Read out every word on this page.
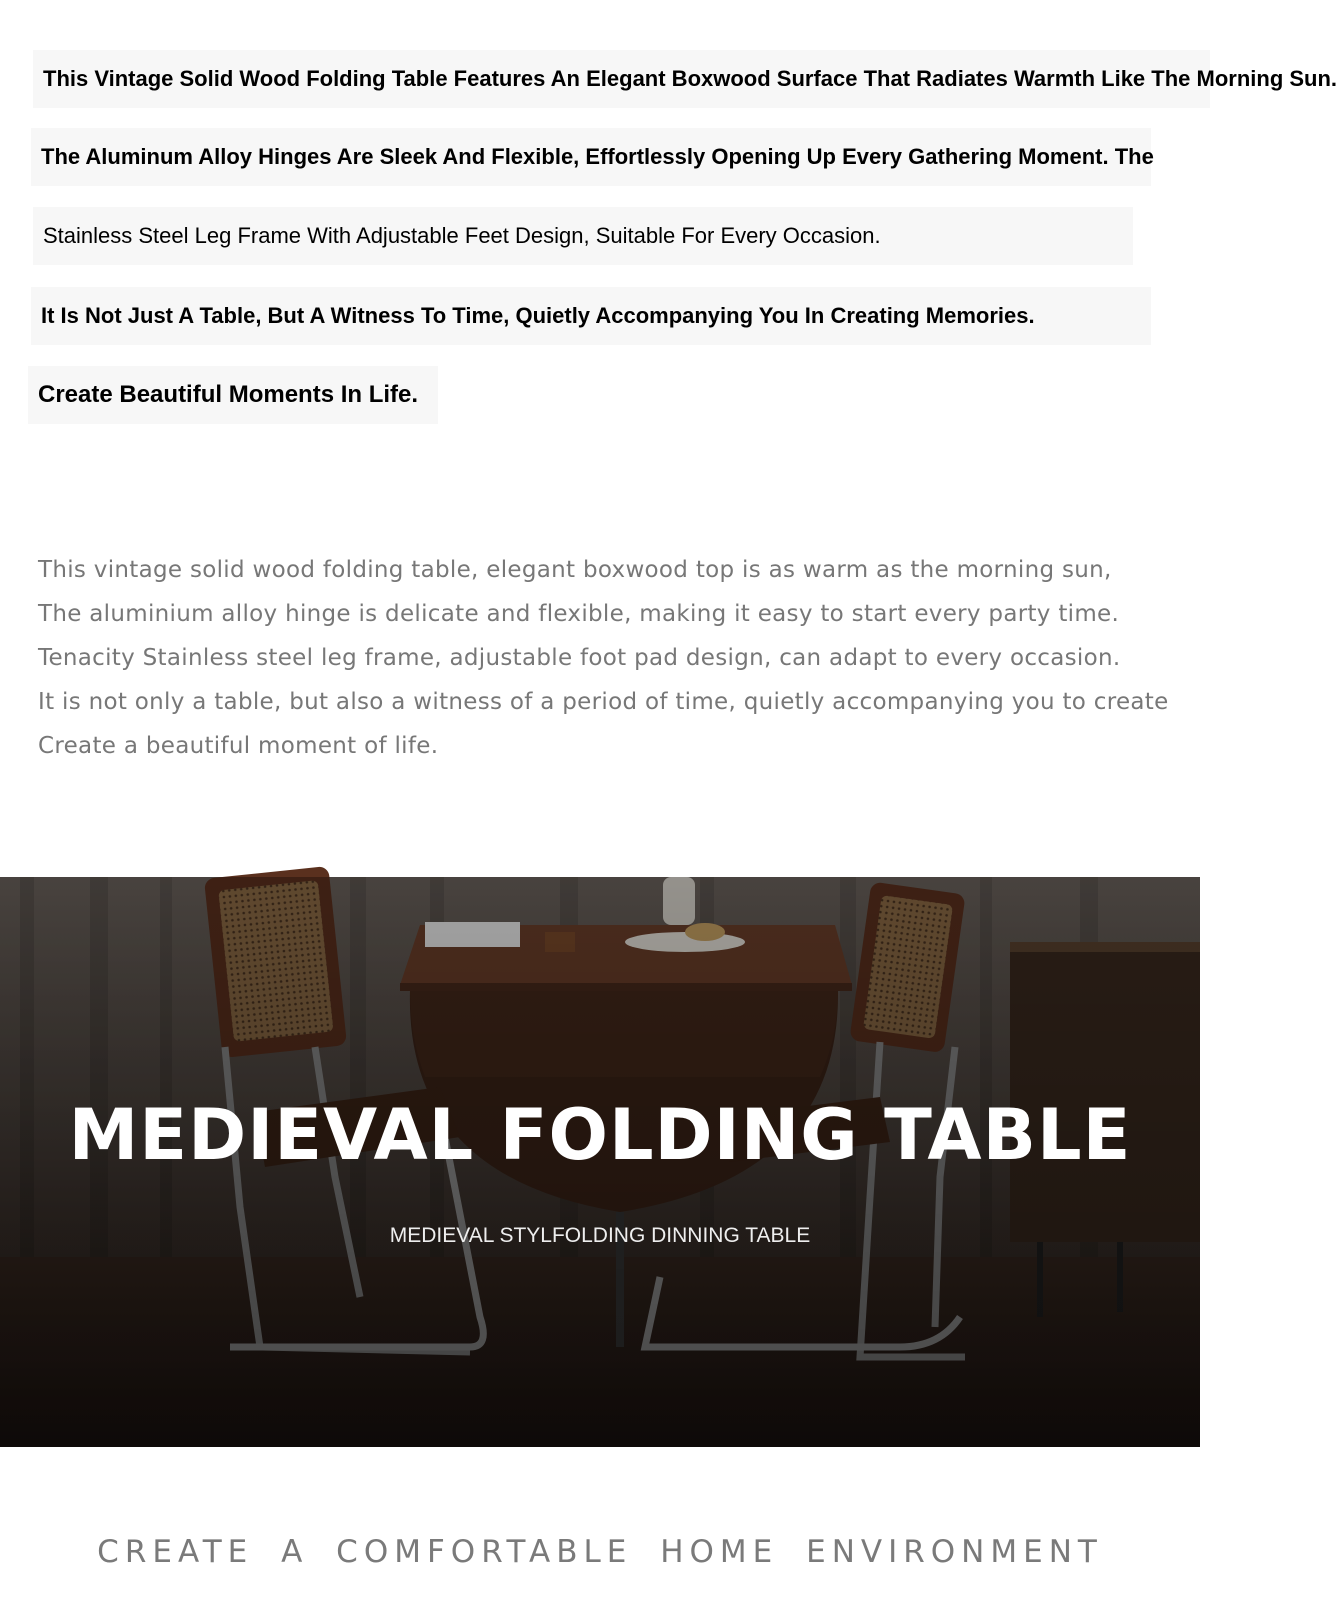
This Vintage Solid Wood Folding Table Features An Elegant Boxwood Surface That Radiates Warmth Like The Morning Sun.
The Aluminum Alloy Hinges Are Sleek And Flexible, Effortlessly Opening Up Every Gathering Moment. The
Stainless Steel Leg Frame With Adjustable Feet Design, Suitable For Every Occasion.
It Is Not Just A Table, But A Witness To Time, Quietly Accompanying You In Creating Memories.
Create Beautiful Moments In Life.
This vintage solid wood folding table, elegant boxwood top is as warm as the morning sun,
The aluminium alloy hinge is delicate and flexible, making it easy to start every party time.
Tenacity Stainless steel leg frame, adjustable foot pad design, can adapt to every occasion.
It is not only a table, but also a witness of a period of time, quietly accompanying you to create
Create a beautiful moment of life.
MEDIEVAL FOLDING TABLE
MEDIEVAL STYLFOLDING DINNING TABLE
CREATE A COMFORTABLE HOME ENVIRONMENT
